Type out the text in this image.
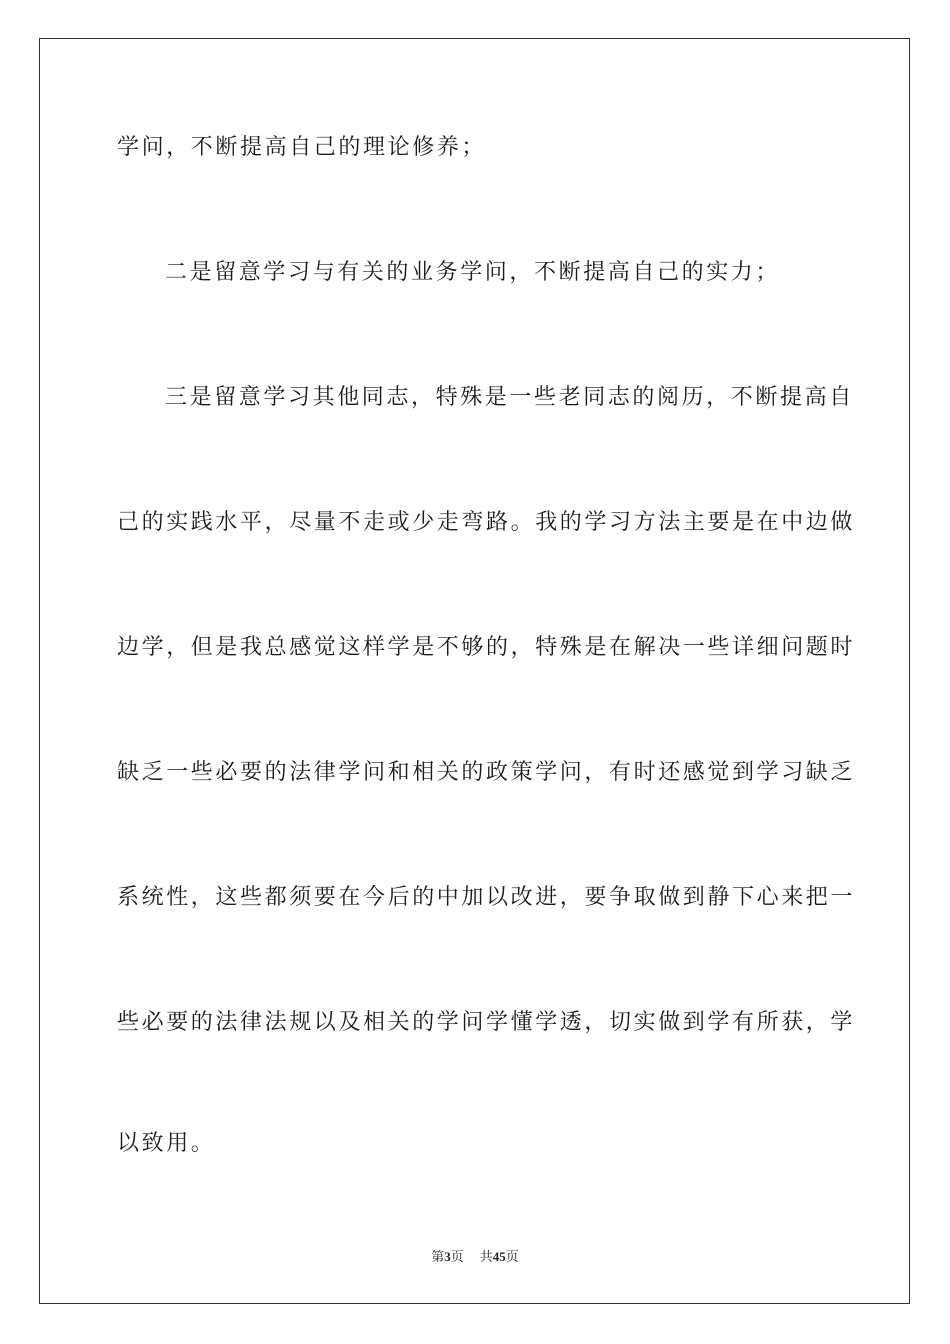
学问，不断提高自己的理论修养；
二是留意学习与有关的业务学问，不断提高自己的实力；
三是留意学习其他同志，特殊是一些老同志的阅历，不断提高自
己的实践水平，尽量不走或少走弯路。我的学习方法主要是在中边做
边学，但是我总感觉这样学是不够的，特殊是在解决一些详细问题时
缺乏一些必要的法律学问和相关的政策学问，有时还感觉到学习缺乏
系统性，这些都须要在今后的中加以改进，要争取做到静下心来把一
些必要的法律法规以及相关的学问学懂学透，切实做到学有所获，学
以致用。
第3页 共45页
